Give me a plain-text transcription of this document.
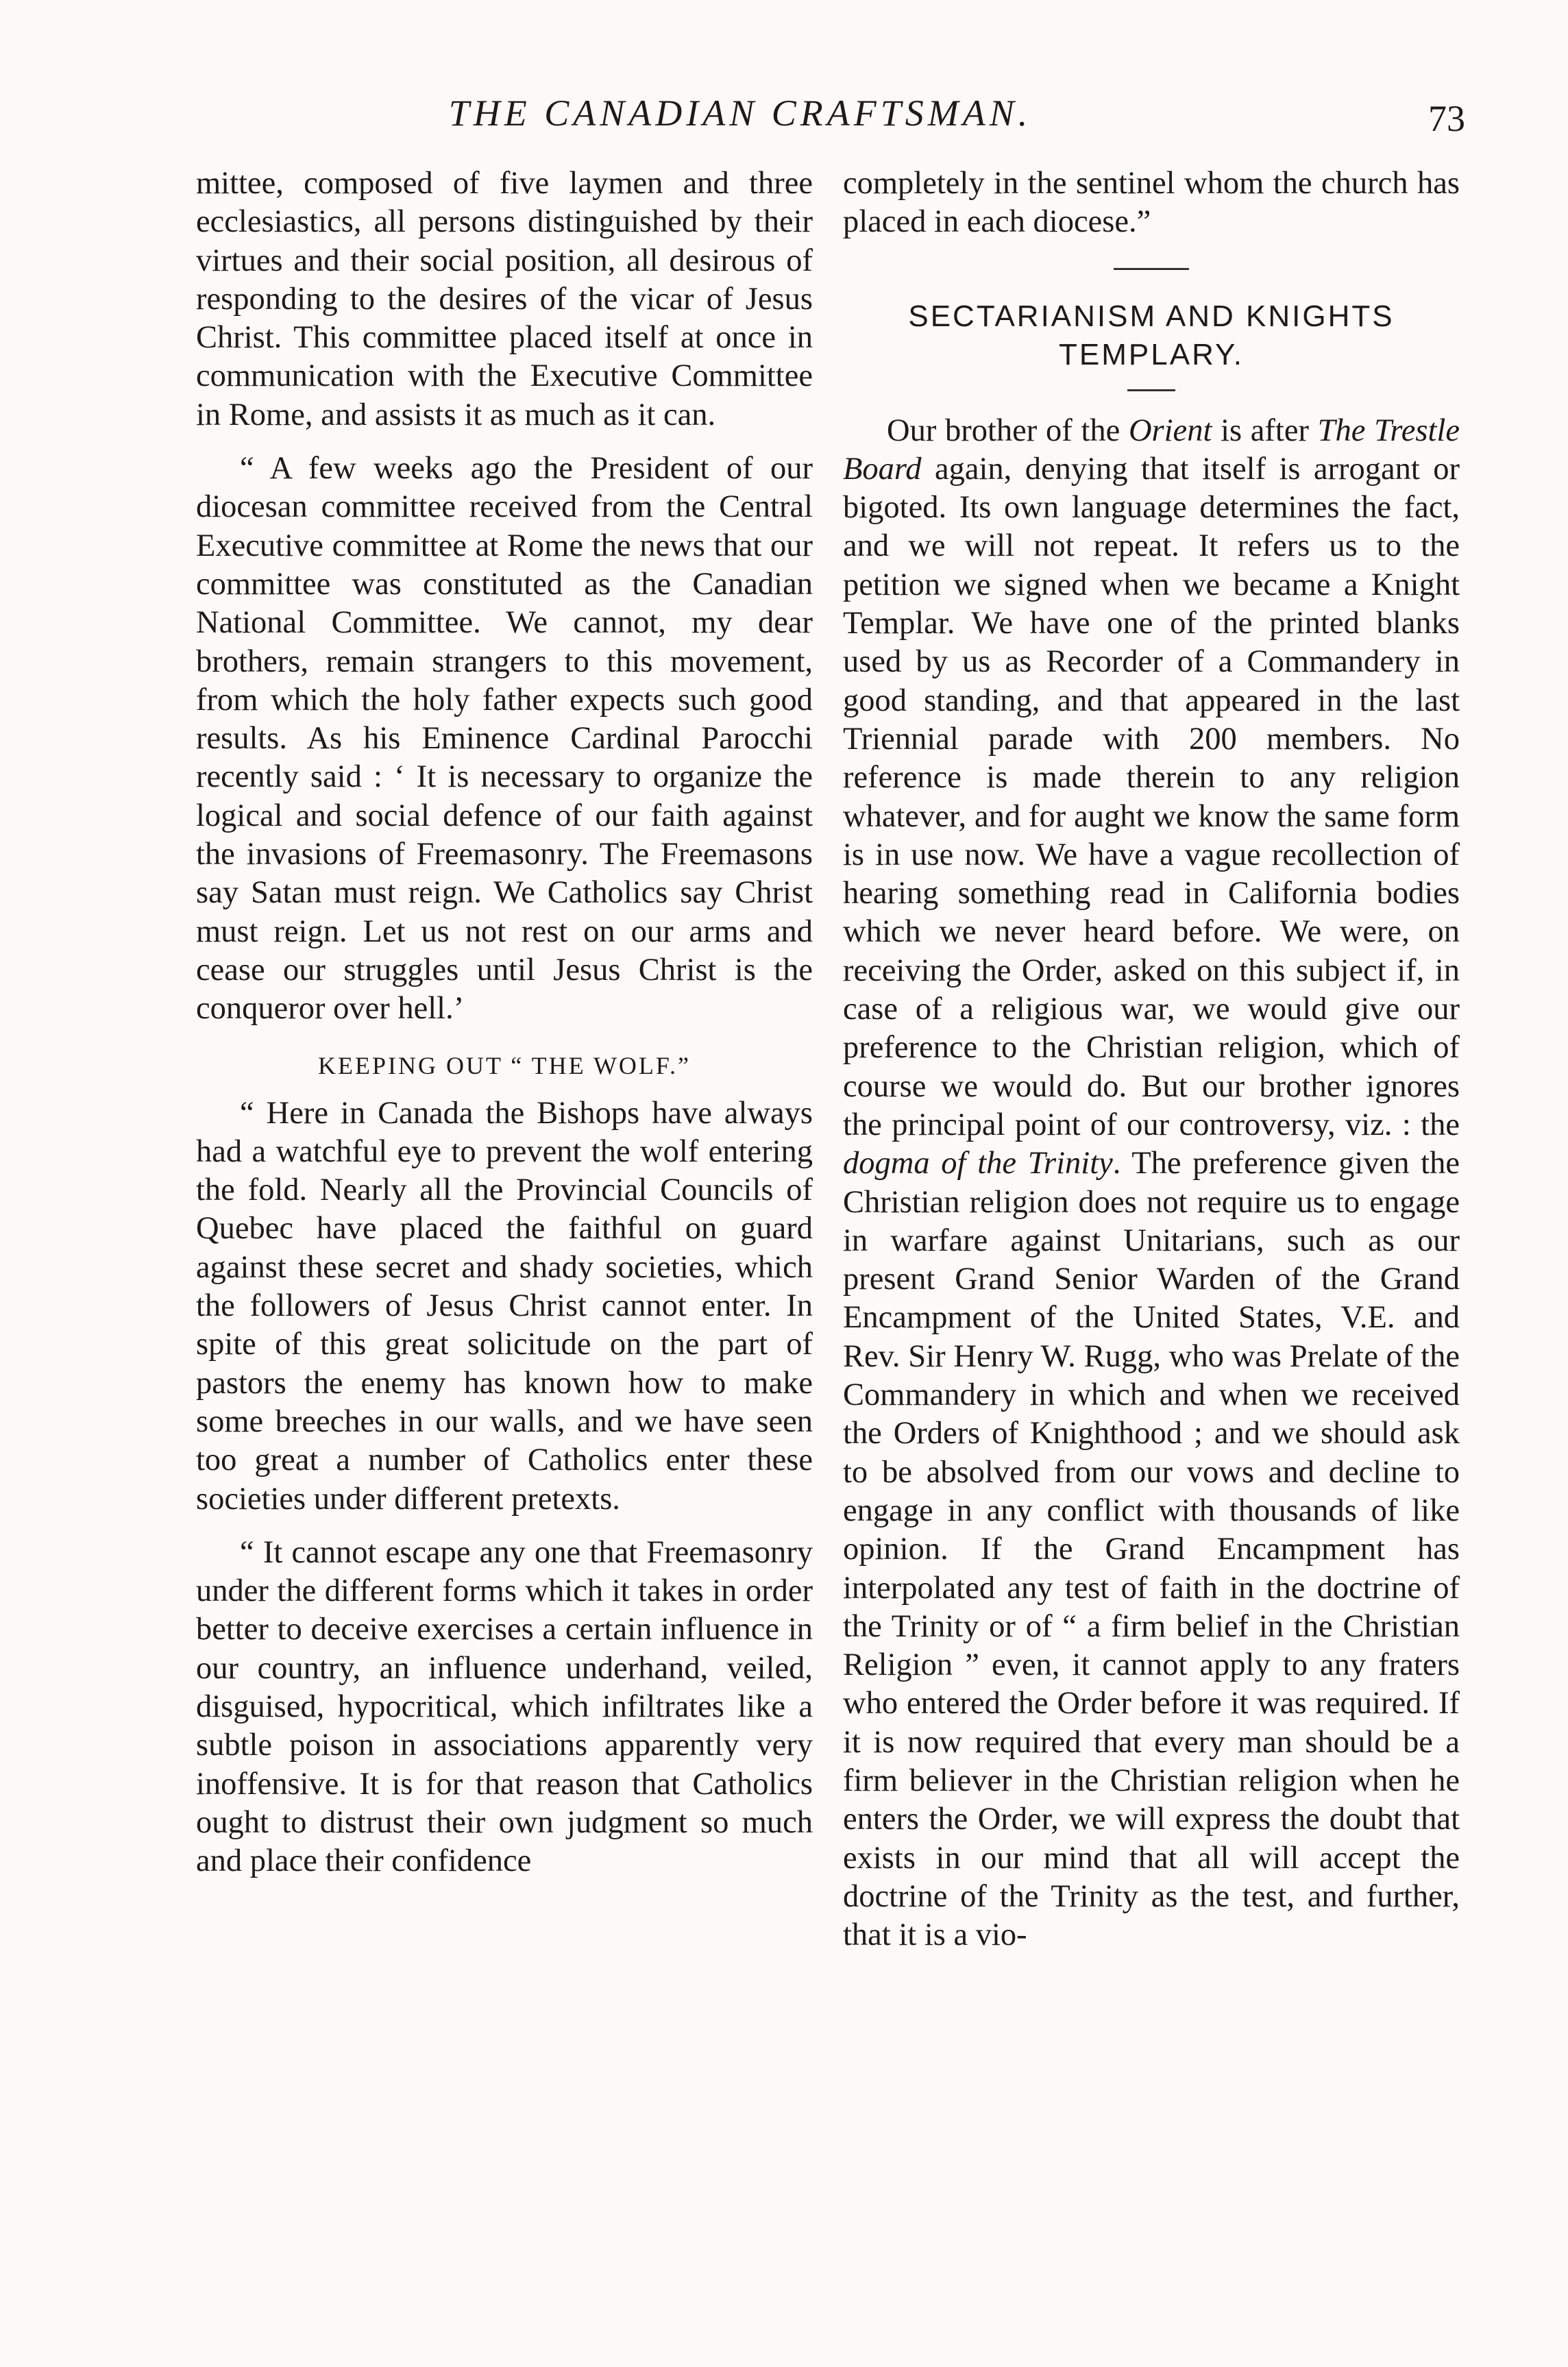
THE CANADIAN CRAFTSMAN.	73

mittee, composed of five laymen and three ecclesiastics, all persons distinguished by their virtues and their social position, all desirous of responding to the desires of the vicar of Jesus Christ. This committee placed itself at once in communication with the Executive Committee in Rome, and assists it as much as it can.

“ A few weeks ago the President of our diocesan committee received from the Central Executive committee at Rome the news that our committee was constituted as the Canadian National Committee. We cannot, my dear brothers, remain strangers to this movement, from which the holy father expects such good results. As his Eminence Cardinal Parocchi recently said : ‘ It is necessary to organize the logical and social defence of our faith against the invasions of Freemasonry. The Freemasons say Satan must reign. We Catholics say Christ must reign. Let us not rest on our arms and cease our struggles until Jesus Christ is the conqueror over hell.’

KEEPING OUT “ THE WOLF.”

“ Here in Canada the Bishops have always had a watchful eye to prevent the wolf entering the fold. Nearly all the Provincial Councils of Quebec have placed the faithful on guard against these secret and shady societies, which the followers of Jesus Christ cannot enter. In spite of this great solicitude on the part of pastors the enemy has known how to make some breeches in our walls, and we have seen too great a number of Catholics enter these societies under different pretexts.

“ It cannot escape any one that Freemasonry under the different forms which it takes in order better to deceive exercises a certain influence in our country, an influence underhand, veiled, disguised, hypocritical, which infiltrates like a subtle poison in associations apparently very inoffensive. It is for that reason that Catholics ought to distrust their own judgment so much and place their confidence

completely in the sentinel whom the church has placed in each diocese.”

SECTARIANISM AND KNIGHTS TEMPLARY.

Our brother of the Orient is after The Trestle Board again, denying that itself is arrogant or bigoted. Its own language determines the fact, and we will not repeat. It refers us to the petition we signed when we became a Knight Templar. We have one of the printed blanks used by us as Recorder of a Commandery in good standing, and that appeared in the last Triennial parade with 200 members. No reference is made therein to any religion whatever, and for aught we know the same form is in use now. We have a vague recollection of hearing something read in California bodies which we never heard before. We were, on receiving the Order, asked on this subject if, in case of a religious war, we would give our preference to the Christian religion, which of course we would do. But our brother ignores the principal point of our controversy, viz. : the dogma of the Trinity. The preference given the Christian religion does not require us to engage in warfare against Unitarians, such as our present Grand Senior Warden of the Grand Encampment of the United States, V.E. and Rev. Sir Henry W. Rugg, who was Prelate of the Commandery in which and when we received the Orders of Knighthood ; and we should ask to be absolved from our vows and decline to engage in any conflict with thousands of like opinion. If the Grand Encampment has interpolated any test of faith in the doctrine of the Trinity or of “ a firm belief in the Christian Religion ” even, it cannot apply to any fraters who entered the Order before it was required. If it is now required that every man should be a firm believer in the Christian religion when he enters the Order, we will express the doubt that exists in our mind that all will accept the doctrine of the Trinity as the test, and further, that it is a vio-
